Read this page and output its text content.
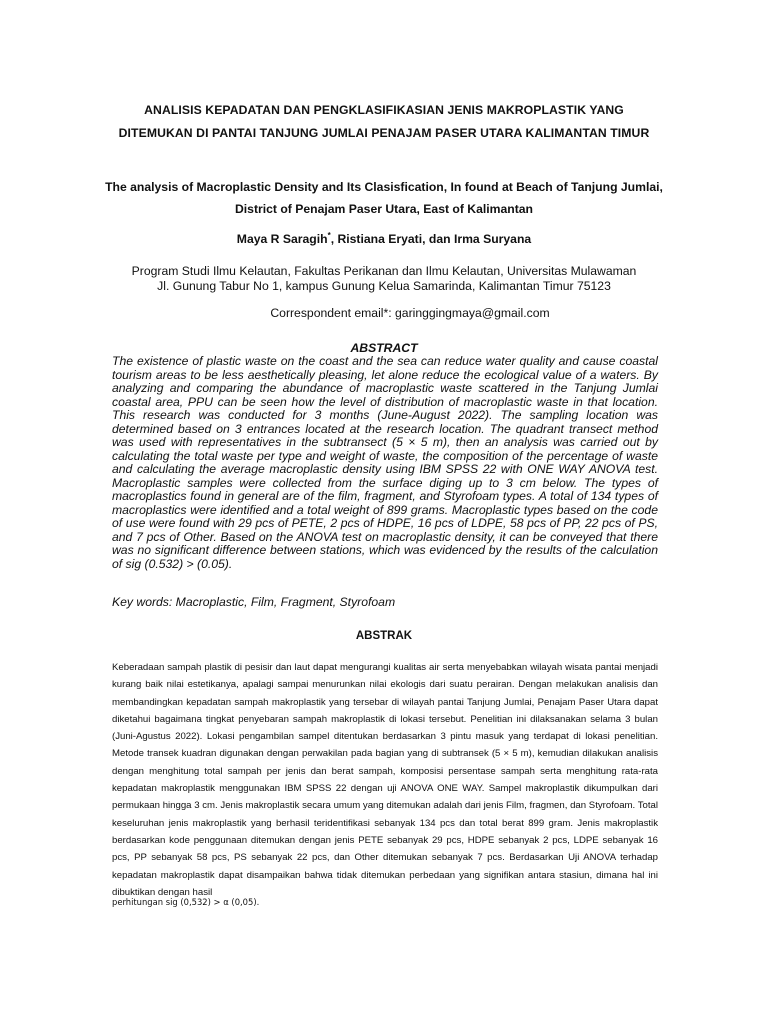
ANALISIS KEPADATAN DAN PENGKLASIFIKASIAN JENIS MAKROPLASTIK YANG DITEMUKAN DI PANTAI TANJUNG JUMLAI PENAJAM PASER UTARA KALIMANTAN TIMUR
The analysis of Macroplastic Density and Its Clasisfication, In found at Beach of Tanjung Jumlai, District of Penajam Paser Utara, East of Kalimantan
Maya R Saragih*, Ristiana Eryati, dan Irma Suryana
Program Studi Ilmu Kelautan, Fakultas Perikanan dan Ilmu Kelautan, Universitas Mulawaman
Jl. Gunung Tabur No 1, kampus Gunung Kelua Samarinda, Kalimantan Timur 75123
Correspondent email*: garinggingmaya@gmail.com
ABSTRACT

The existence of plastic waste on the coast and the sea can reduce water quality and cause coastal tourism areas to be less aesthetically pleasing, let alone reduce the ecological value of a waters. By analyzing and comparing the abundance of macroplastic waste scattered in the Tanjung Jumlai coastal area, PPU can be seen how the level of distribution of macroplastic waste in that location. This research was conducted for 3 months (June-August 2022). The sampling location was determined based on 3 entrances located at the research location. The quadrant transect method was used with representatives in the subtransect (5 × 5 m), then an analysis was carried out by calculating the total waste per type and weight of waste, the composition of the percentage of waste and calculating the average macroplastic density using IBM SPSS 22 with ONE WAY ANOVA test. Macroplastic samples were collected from the surface diging up to 3 cm below. The types of macroplastics found in general are of the film, fragment, and Styrofoam types. A total of 134 types of macroplastics were identified and a total weight of 899 grams. Macroplastic types based on the code of use were found with 29 pcs of PETE, 2 pcs of HDPE, 16 pcs of LDPE, 58 pcs of PP, 22 pcs of PS, and 7 pcs of Other. Based on the ANOVA test on macroplastic density, it can be conveyed that there was no significant difference between stations, which was evidenced by the results of the calculation of sig (0.532) > (0.05).

Key words: Macroplastic, Film, Fragment, Styrofoam
ABSTRAK

Keberadaan sampah plastik di pesisir dan laut dapat mengurangi kualitas air serta menyebabkan wilayah wisata pantai menjadi kurang baik nilai estetikanya, apalagi sampai menurunkan nilai ekologis dari suatu perairan. Dengan melakukan analisis dan membandingkan kepadatan sampah makroplastik yang tersebar di wilayah pantai Tanjung Jumlai, Penajam Paser Utara dapat diketahui bagaimana tingkat penyebaran sampah makroplastik di lokasi tersebut. Penelitian ini dilaksanakan selama 3 bulan (Juni-Agustus 2022). Lokasi pengambilan sampel ditentukan berdasarkan 3 pintu masuk yang terdapat di lokasi penelitian. Metode transek kuadran digunakan dengan perwakilan pada bagian yang di subtransek (5 × 5 m), kemudian dilakukan analisis dengan menghitung total sampah per jenis dan berat sampah, komposisi persentase sampah serta menghitung rata-rata kepadatan makroplastik menggunakan IBM SPSS 22 dengan uji ANOVA ONE WAY. Sampel makroplastik dikumpulkan dari permukaan hingga 3 cm. Jenis makroplastik secara umum yang ditemukan adalah dari jenis Film, fragmen, dan Styrofoam. Total keseluruhan jenis makroplastik yang berhasil teridentifikasi sebanyak 134 pcs dan total berat 899 gram. Jenis makroplastik berdasarkan kode penggunaan ditemukan dengan jenis PETE sebanyak 29 pcs, HDPE sebanyak 2 pcs, LDPE sebanyak 16 pcs, PP sebanyak 58 pcs, PS sebanyak 22 pcs, dan Other ditemukan sebanyak 7 pcs. Berdasarkan Uji ANOVA terhadap kepadatan makroplastik dapat disampaikan bahwa tidak ditemukan perbedaan yang signifikan antara stasiun, dimana hal ini dibuktikan dengan hasil

perhitungan sig (0,532) > α (0,05).
